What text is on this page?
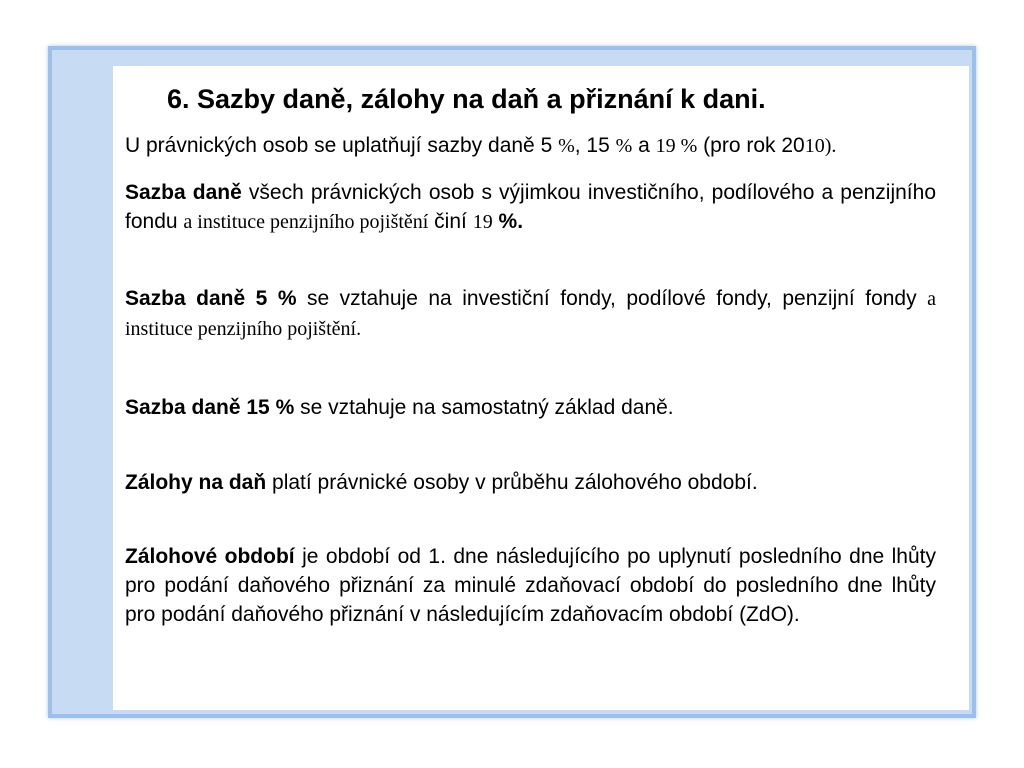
6. Sazby daně, zálohy na daň a přiznání k dani.

U právnických osob se uplatňují sazby daně 5 %, 15 % a 19 % (pro rok 2010).

Sazba daně všech právnických osob s výjimkou investičního, podílového a penzijního fondu a instituce penzijního pojištění činí 19 %.

Sazba daně 5 % se vztahuje na investiční fondy, podílové fondy, penzijní fondy a instituce penzijního pojištění.

Sazba daně 15 % se vztahuje na samostatný základ daně.

Zálohy na daň platí právnické osoby v průběhu zálohového období.

Zálohové období je období od 1. dne následujícího po uplynutí posledního dne lhůty pro podání daňového přiznání za minulé zdaňovací období do posledního dne lhůty pro podání daňového přiznání v následujícím zdaňovacím období (ZdO).
